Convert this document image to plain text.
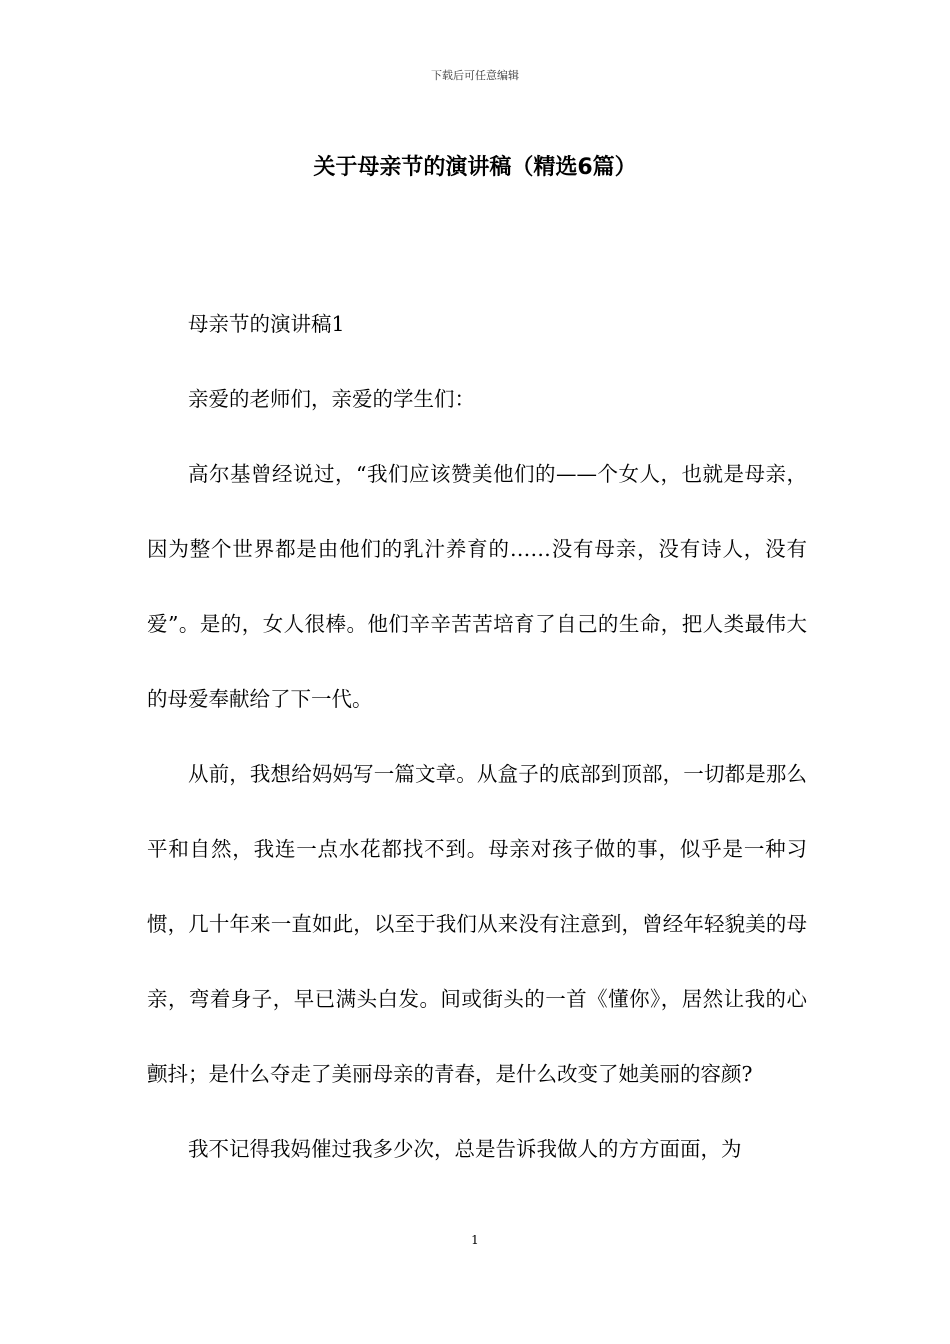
下载后可任意编辑
关于母亲节的演讲稿（精选6篇）

母亲节的演讲稿1

亲爱的老师们，亲爱的学生们：

高尔基曾经说过，“我们应该赞美他们的——个女人，也就是母亲，因为整个世界都是由他们的乳汁养育的……没有母亲，没有诗人，没有爱”。是的，女人很棒。他们辛辛苦苦培育了自己的生命，把人类最伟大的母爱奉献给了下一代。

从前，我想给妈妈写一篇文章。从盒子的底部到顶部，一切都是那么平和自然，我连一点水花都找不到。母亲对孩子做的事，似乎是一种习惯，几十年来一直如此，以至于我们从来没有注意到，曾经年轻貌美的母亲，弯着身子，早已满头白发。间或街头的一首《懂你》，居然让我的心颤抖；是什么夺走了美丽母亲的青春，是什么改变了她美丽的容颜?

我不记得我妈催过我多少次，总是告诉我做人的方方面面，为

1
